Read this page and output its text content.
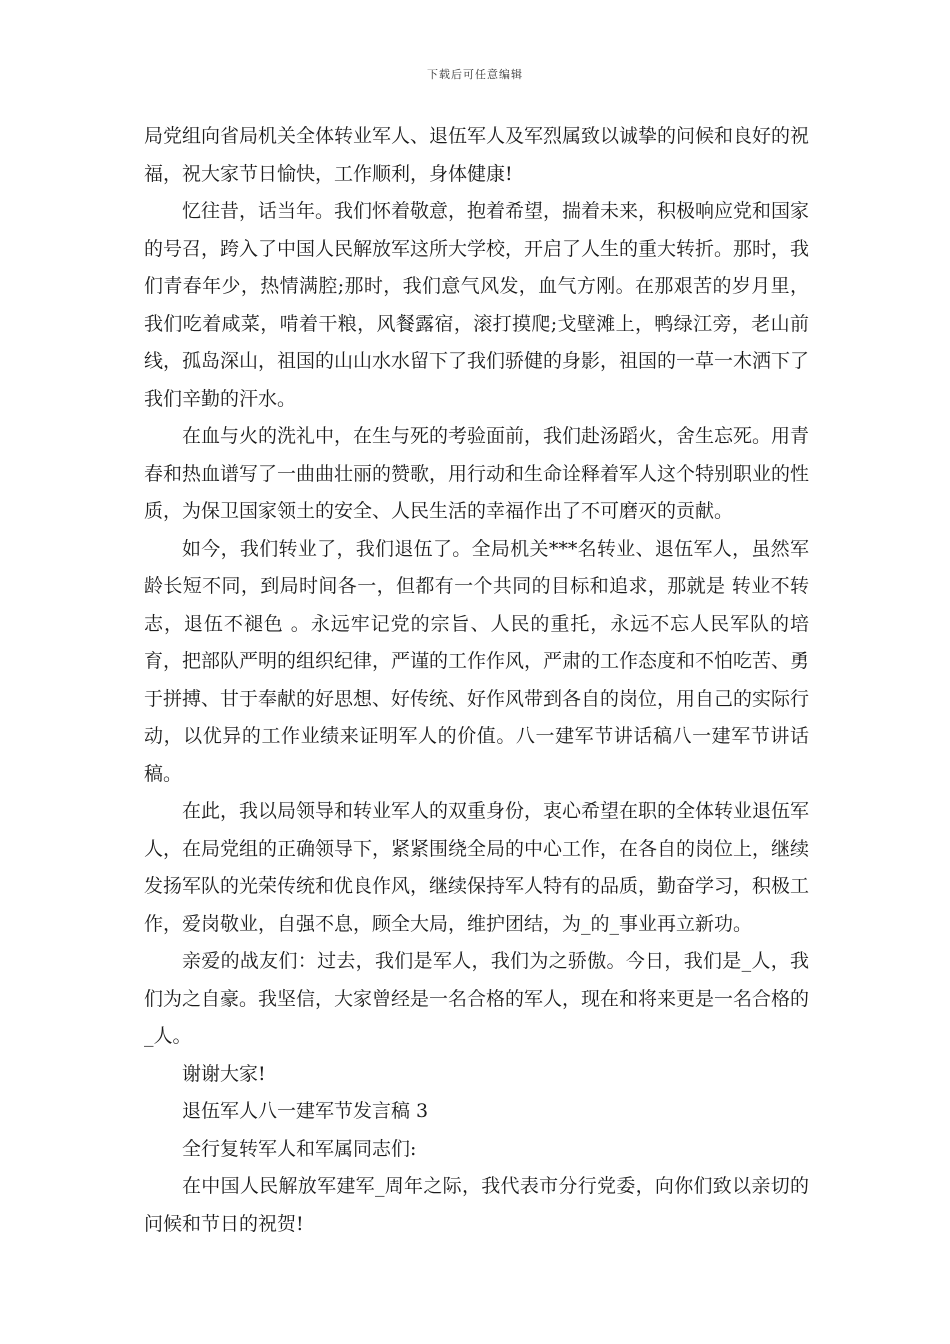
下载后可任意编辑

局党组向省局机关全体转业军人、退伍军人及军烈属致以诚挚的问候和良好的祝福，祝大家节日愉快，工作顺利，身体健康!

忆往昔，话当年。我们怀着敬意，抱着希望，揣着未来，积极响应党和国家的号召，跨入了中国人民解放军这所大学校，开启了人生的重大转折。那时，我们青春年少，热情满腔;那时，我们意气风发，血气方刚。在那艰苦的岁月里，我们吃着咸菜，啃着干粮，风餐露宿，滚打摸爬;戈壁滩上，鸭绿江旁，老山前线，孤岛深山，祖国的山山水水留下了我们骄健的身影，祖国的一草一木洒下了我们辛勤的汗水。

在血与火的洗礼中，在生与死的考验面前，我们赴汤蹈火，舍生忘死。用青春和热血谱写了一曲曲壮丽的赞歌，用行动和生命诠释着军人这个特别职业的性质，为保卫国家领土的安全、人民生活的幸福作出了不可磨灭的贡献。

如今，我们转业了，我们退伍了。全局机关***名转业、退伍军人，虽然军龄长短不同，到局时间各一，但都有一个共同的目标和追求，那就是 转业不转志，退伍不褪色 。永远牢记党的宗旨、人民的重托，永远不忘人民军队的培育，把部队严明的组织纪律，严谨的工作作风，严肃的工作态度和不怕吃苦、勇于拼搏、甘于奉献的好思想、好传统、好作风带到各自的岗位，用自己的实际行动，以优异的工作业绩来证明军人的价值。八一建军节讲话稿八一建军节讲话稿。

在此，我以局领导和转业军人的双重身份，衷心希望在职的全体转业退伍军人，在局党组的正确领导下，紧紧围绕全局的中心工作，在各自的岗位上，继续发扬军队的光荣传统和优良作风，继续保持军人特有的品质，勤奋学习，积极工作，爱岗敬业，自强不息，顾全大局，维护团结，为_的_事业再立新功。

亲爱的战友们：过去，我们是军人，我们为之骄傲。今日，我们是_人，我们为之自豪。我坚信，大家曾经是一名合格的军人，现在和将来更是一名合格的_人。

谢谢大家!

退伍军人八一建军节发言稿 3

全行复转军人和军属同志们:

在中国人民解放军建军_周年之际，我代表市分行党委，向你们致以亲切的问候和节日的祝贺!
